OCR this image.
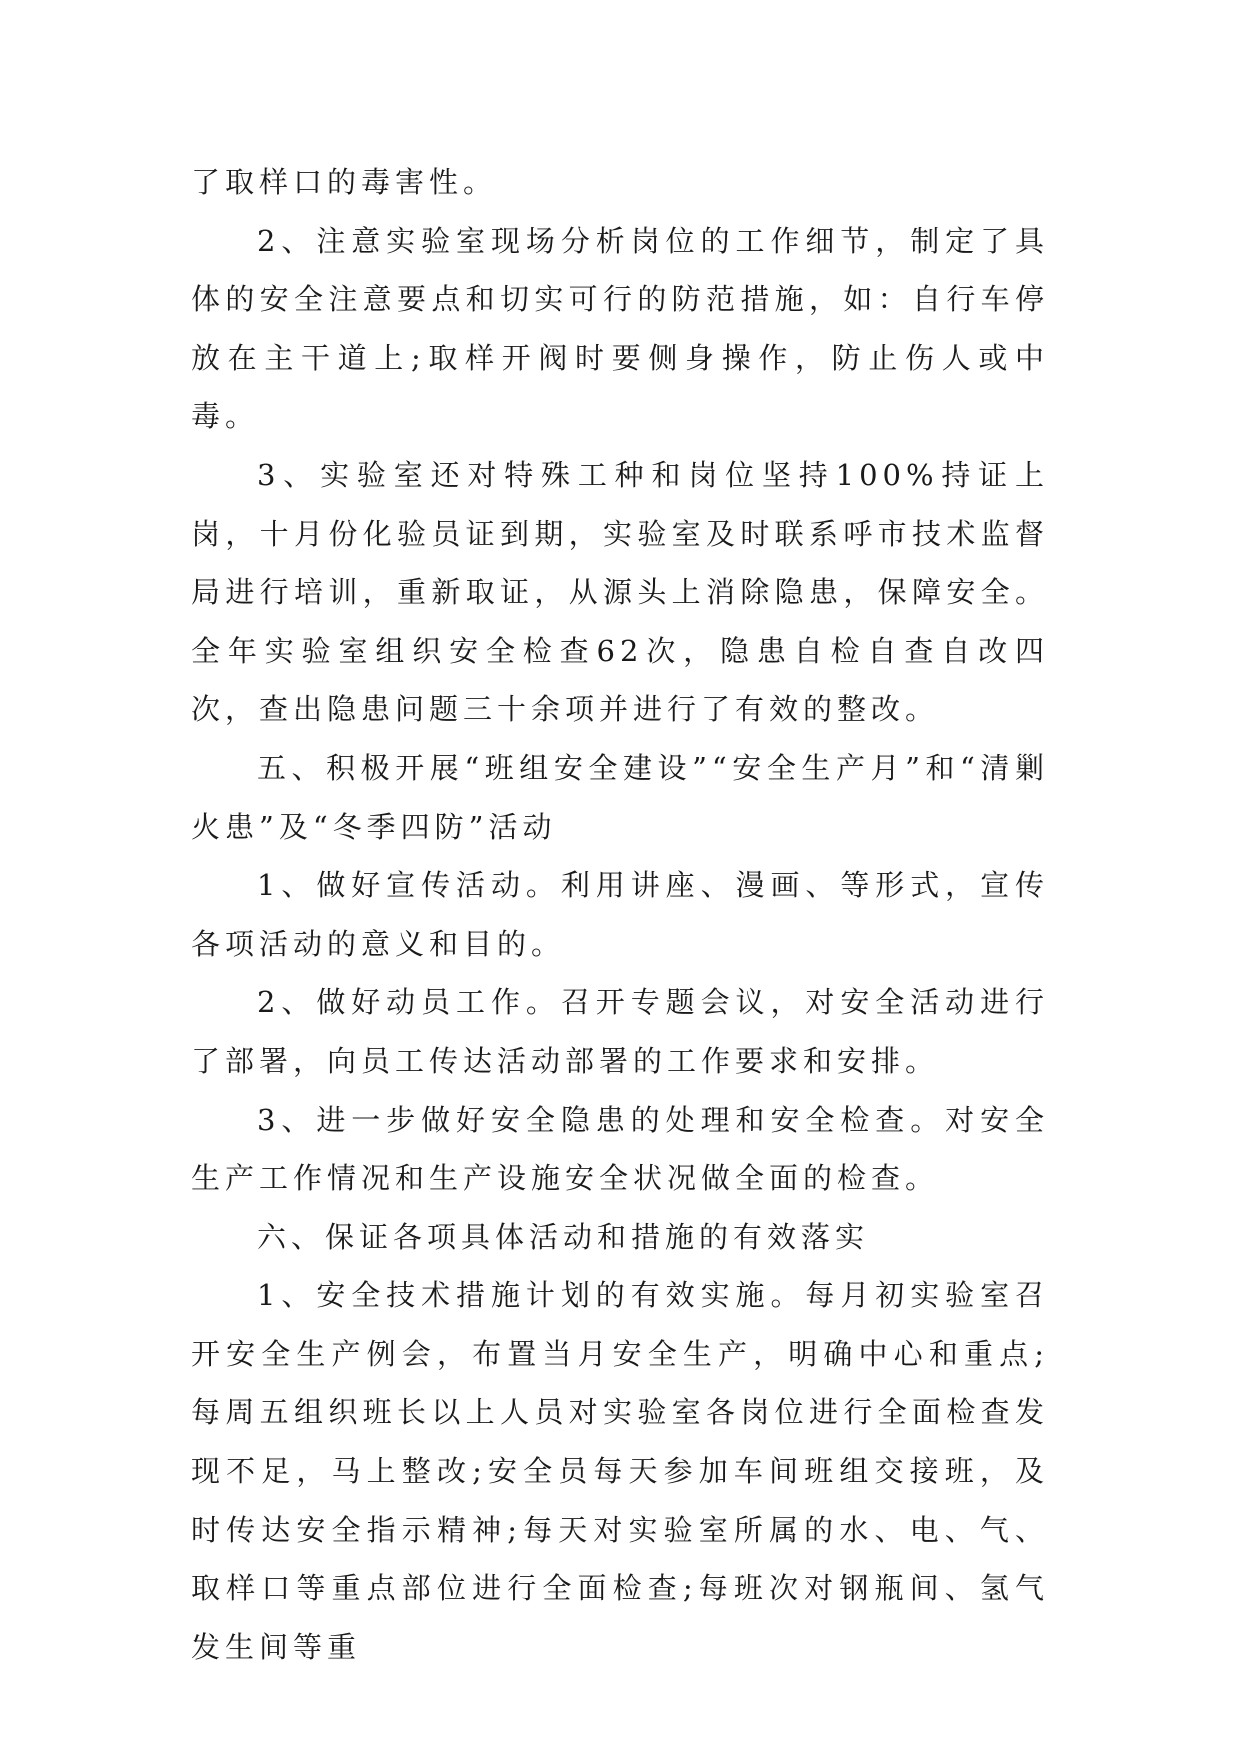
了取样口的毒害性。

2、注意实验室现场分析岗位的工作细节，制定了具体的安全注意要点和切实可行的防范措施，如：自行车停放在主干道上;取样开阀时要侧身操作，防止伤人或中毒。

3、实验室还对特殊工种和岗位坚持100%持证上岗，十月份化验员证到期，实验室及时联系呼市技术监督局进行培训，重新取证，从源头上消除隐患，保障安全。全年实验室组织安全检查62次，隐患自检自查自改四次，查出隐患问题三十余项并进行了有效的整改。

五、积极开展“班组安全建设”“安全生产月”和“清剿火患”及“冬季四防”活动

1、做好宣传活动。利用讲座、漫画、等形式，宣传各项活动的意义和目的。

2、做好动员工作。召开专题会议，对安全活动进行了部署，向员工传达活动部署的工作要求和安排。

3、进一步做好安全隐患的处理和安全检查。对安全生产工作情况和生产设施安全状况做全面的检查。

六、保证各项具体活动和措施的有效落实

1、安全技术措施计划的有效实施。每月初实验室召开安全生产例会，布置当月安全生产，明确中心和重点;每周五组织班长以上人员对实验室各岗位进行全面检查发现不足，马上整改;安全员每天参加车间班组交接班，及时传达安全指示精神;每天对实验室所属的水、电、气、取样口等重点部位进行全面检查;每班次对钢瓶间、氢气发生间等重
